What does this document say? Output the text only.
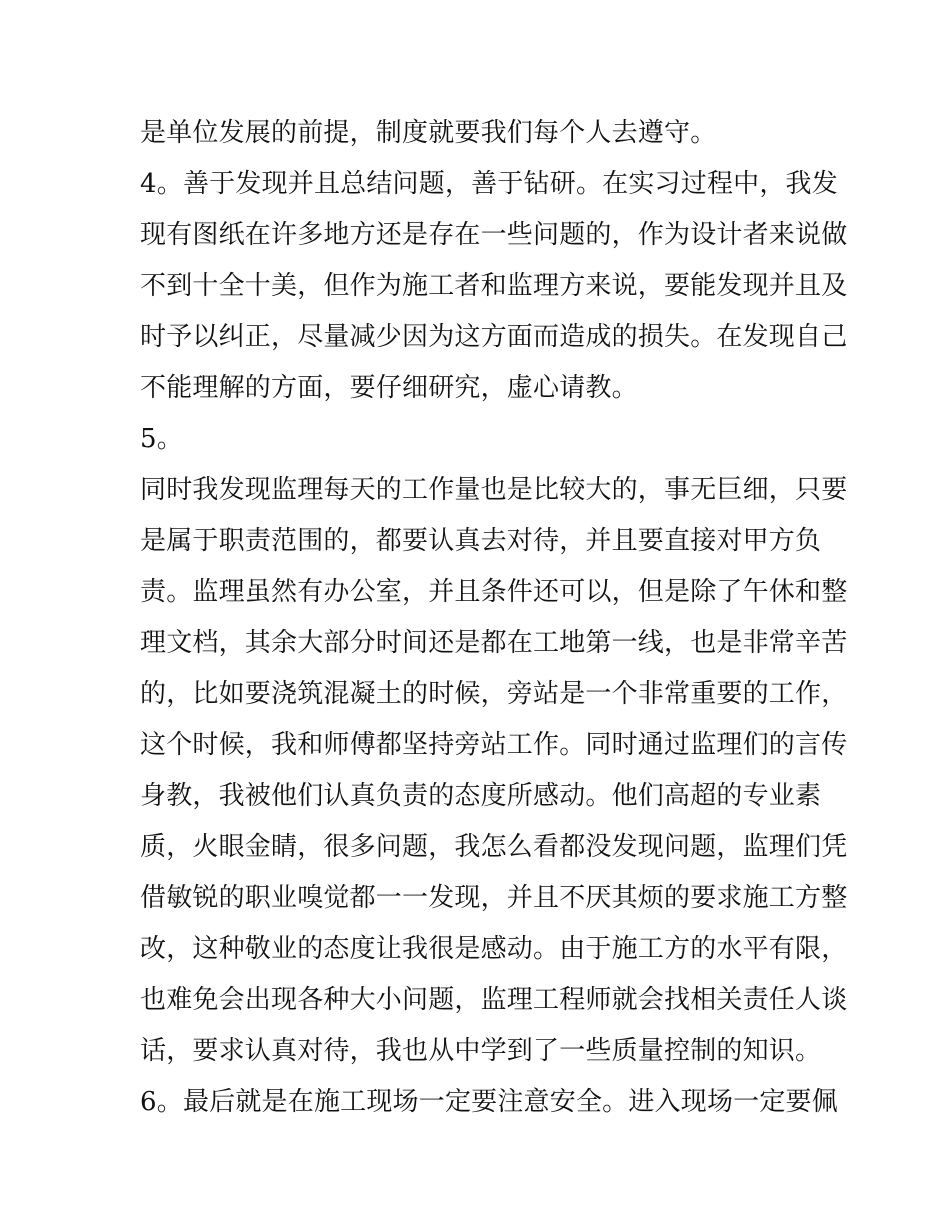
是单位发展的前提，制度就要我们每个人去遵守。
4。善于发现并且总结问题，善于钻研。在实习过程中，我发
现有图纸在许多地方还是存在一些问题的，作为设计者来说做
不到十全十美，但作为施工者和监理方来说，要能发现并且及
时予以纠正，尽量减少因为这方面而造成的损失。在发现自己
不能理解的方面，要仔细研究，虚心请教。
5。
同时我发现监理每天的工作量也是比较大的，事无巨细，只要
是属于职责范围的，都要认真去对待，并且要直接对甲方负
责。监理虽然有办公室，并且条件还可以，但是除了午休和整
理文档，其余大部分时间还是都在工地第一线，也是非常辛苦
的，比如要浇筑混凝土的时候，旁站是一个非常重要的工作，
这个时候，我和师傅都坚持旁站工作。同时通过监理们的言传
身教，我被他们认真负责的态度所感动。他们高超的专业素
质，火眼金睛，很多问题，我怎么看都没发现问题，监理们凭
借敏锐的职业嗅觉都一一发现，并且不厌其烦的要求施工方整
改，这种敬业的态度让我很是感动。由于施工方的水平有限，
也难免会出现各种大小问题，监理工程师就会找相关责任人谈
话，要求认真对待，我也从中学到了一些质量控制的知识。
6。最后就是在施工现场一定要注意安全。进入现场一定要佩
